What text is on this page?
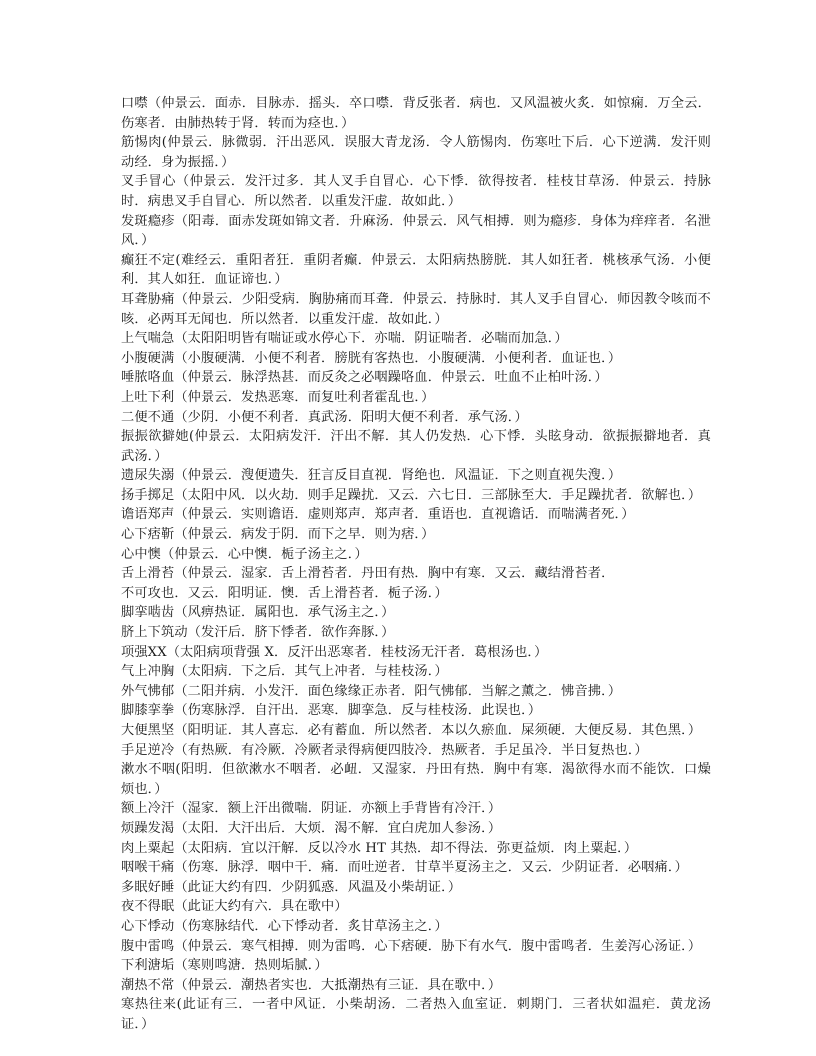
口噤（仲景云．面赤．目脉赤．摇头．卒口噤．背反张者．病也．又风温被火炙．如惊痫．万全云．伤寒者．由肺热转于肾．转而为痉也．）

筋惕肉(仲景云．脉微弱．汗出恶风．误服大青龙汤．令人筋惕肉．伤寒吐下后．心下逆满．发汗则动经．身为振摇．）

叉手冒心（仲景云．发汗过多．其人叉手自冒心．心下悸．欲得按者．桂枝甘草汤．仲景云．持脉时．病患叉手自冒心．所以然者．以重发汗虚．故如此．）

发斑瘾疹（阳毒．面赤发斑如锦文者．升麻汤．仲景云．风气相搏．则为瘾疹．身体为痒痒者．名泄风．）

癫狂不定(难经云．重阳者狂．重阴者癫．仲景云．太阳病热膀胱．其人如狂者．桃核承气汤．小便利．其人如狂．血证谛也．）

耳聋胁痛（仲景云．少阳受病．胸胁痛而耳聋．仲景云．持脉时．其人叉手自冒心．师因教令咳而不咳．必两耳无闻也．所以然者．以重发汗虚．故如此．）

上气喘急（太阳阳明皆有喘证或水停心下．亦喘．阴证喘者．必喘而加急．）

小腹硬满（小腹硬满．小便不利者．膀胱有客热也．小腹硬满．小便利者．血证也．）

唾脓咯血（仲景云．脉浮热甚．而反灸之必咽躁咯血．仲景云．吐血不止柏叶汤．）

上吐下利（仲景云．发热恶寒．而复吐利者霍乱也．）

二便不通（少阴．小便不利者．真武汤．阳明大便不利者．承气汤．）

振振欲擗她(仲景云．太阳病发汗．汗出不解．其人仍发热．心下悸．头眩身动．欲振振擗地者．真武汤．）

遗尿失溺（仲景云．溲便遗失．狂言反目直视．肾绝也．风温证．下之则直视失溲．）

扬手掷足（太阳中风．以火劫．则手足躁扰．又云．六七日．三部脉至大．手足躁扰者．欲解也．）

谵语郑声（仲景云．实则谵语．虚则郑声．郑声者．重语也．直视谵话．而喘满者死．）

心下痞靳（仲景云．病发于阴．而下之早．则为痞．）

心中懊（仲景云．心中懊．栀子汤主之．）

舌上滑苔（仲景云．湿家．舌上滑苔者．丹田有热．胸中有寒．又云．藏结滑苔者．

不可攻也．又云．阳明证．懊．舌上滑苔者．栀子汤．）

脚挛啮齿（风痹热证．属阳也．承气汤主之．）

脐上下筑动（发汗后．脐下悸者．欲作奔豚．）

项强XX（太阳病项背强 X．反汗出恶寒者．桂枝汤无汗者．葛根汤也．）

气上冲胸（太阳病．下之后．其气上冲者．与桂枝汤．）

外气怫郁（二阳并病．小发汗．面色缘缘正赤者．阳气怫郁．当解之薰之．怫音拂．）

脚膝挛拳（伤寒脉浮．自汗出．恶寒．脚挛急．反与桂枝汤．此误也．）

大便黑坚（阳明证．其人喜忘．必有蓄血．所以然者．本以久瘀血．屎须硬．大便反易．其色黑．）

手足逆冷（有热厥．有冷厥．冷厥者录得病便四肢冷．热厥者．手足虽冷．半日复热也．）

漱水不咽(阳明．但欲漱水不咽者．必衄．又湿家．丹田有热．胸中有寒．渴欲得水而不能饮．口燥烦也．）

额上冷汗（湿家．额上汗出微喘．阴证．亦额上手背皆有冷汗．）

烦躁发渴（太阳．大汗出后．大烦．渴不解．宜白虎加人参汤．）

肉上粟起（太阳病．宜以汗解．反以冷水 HT 其热．却不得法．弥更益烦．肉上粟起．）

咽喉干痛（伤寒．脉浮．咽中干．痛．而吐逆者．甘草半夏汤主之．又云．少阴证者．必咽痛．）

多眠好睡（此证大约有四．少阴狐惑．风温及小柴胡证．）

夜不得眠（此证大约有六．具在歌中）

心下悸动（伤寒脉结代．心下悸动者．炙甘草汤主之．）

腹中雷鸣（仲景云．寒气相搏．则为雷鸣．心下痞硬．胁下有水气．腹中雷鸣者．生姜泻心汤证．）

下利溏垢（寒则鸣溏．热则垢腻．）

潮热不常（仲景云．潮热者实也．大抵潮热有三证．具在歌中．）

寒热往来(此证有三．一者中风证．小柴胡汤．二者热入血室证．刺期门．三者状如温疟．黄龙汤证．）
